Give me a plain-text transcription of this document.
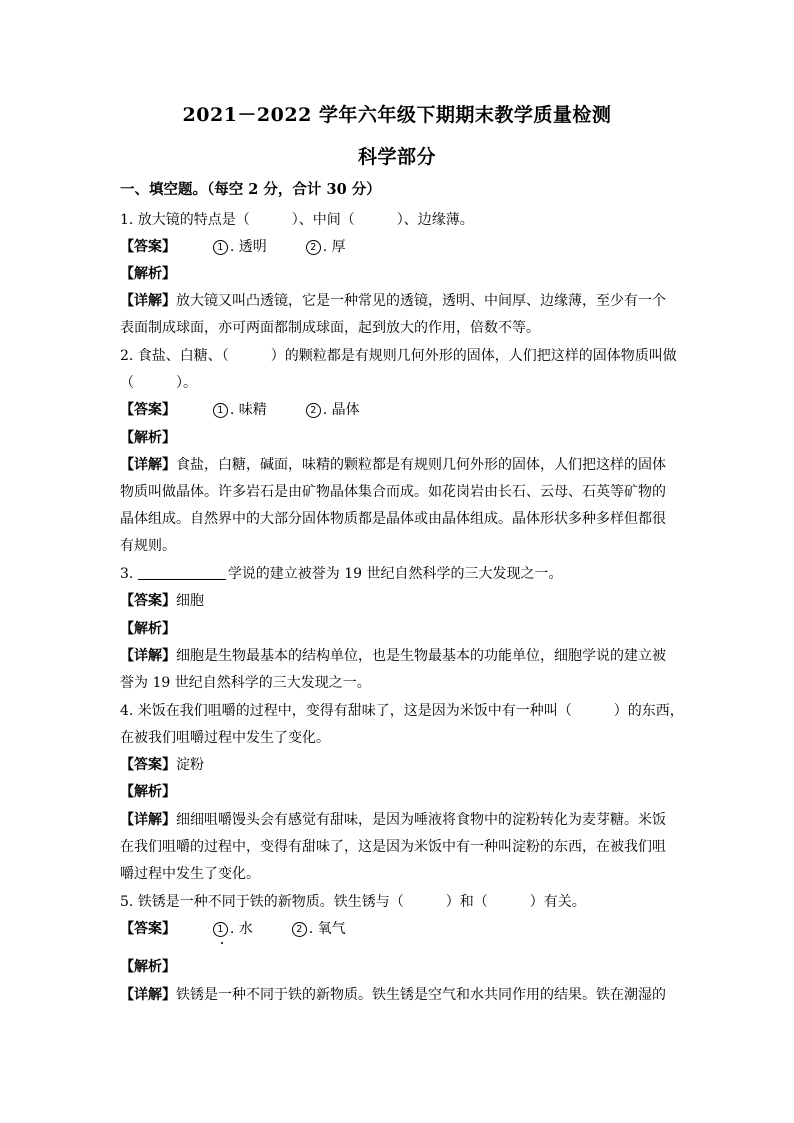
2021－2022 学年六年级下期期末教学质量检测
科学部分
一、填空题。（每空 2 分，合计 30 分）
1. 放大镜的特点是（　　　）、中间（　　　）、边缘薄。
【答案】	1 . 透明	2 . 厚
【解析】
【详解】放大镜又叫凸透镜，它是一种常见的透镜，透明、中间厚、边缘薄，至少有一个
表面制成球面，亦可两面都制成球面，起到放大的作用，倍数不等。
2. 食盐、白糖、（　　　）的颗粒都是有规则几何外形的固体，人们把这样的固体物质叫做
（　　　）。
【答案】	1 . 味精	2 . 晶体
【解析】
【详解】食盐，白糖，碱面，味精的颗粒都是有规则几何外形的固体，人们把这样的固体
物质叫做晶体。许多岩石是由矿物晶体集合而成。如花岗岩由长石、云母、石英等矿物的
晶体组成。自然界中的大部分固体物质都是晶体或由晶体组成。晶体形状多种多样但都很
有规则。
3.	学说的建立被誉为 19 世纪自然科学的三大发现之一。
【答案】细胞
【解析】
【详解】细胞是生物最基本的结构单位，也是生物最基本的功能单位，细胞学说的建立被
誉为 19 世纪自然科学的三大发现之一。
4. 米饭在我们咀嚼的过程中，变得有甜味了，这是因为米饭中有一种叫（　　　）的东西，
在被我们咀嚼过程中发生了变化。
【答案】淀粉
【解析】
【详解】细细咀嚼馒头会有感觉有甜味，是因为唾液将食物中的淀粉转化为麦芽糖。米饭
在我们咀嚼的过程中，变得有甜味了，这是因为米饭中有一种叫淀粉的东西，在被我们咀
嚼过程中发生了变化。
5. 铁锈是一种不同于铁的新物质。铁生锈与（　　　）和（　　　）有关。
【答案】	1 . 水	2 . 氧气
【解析】
【详解】铁锈是一种不同于铁的新物质。铁生锈是空气和水共同作用的结果。铁在潮湿的
